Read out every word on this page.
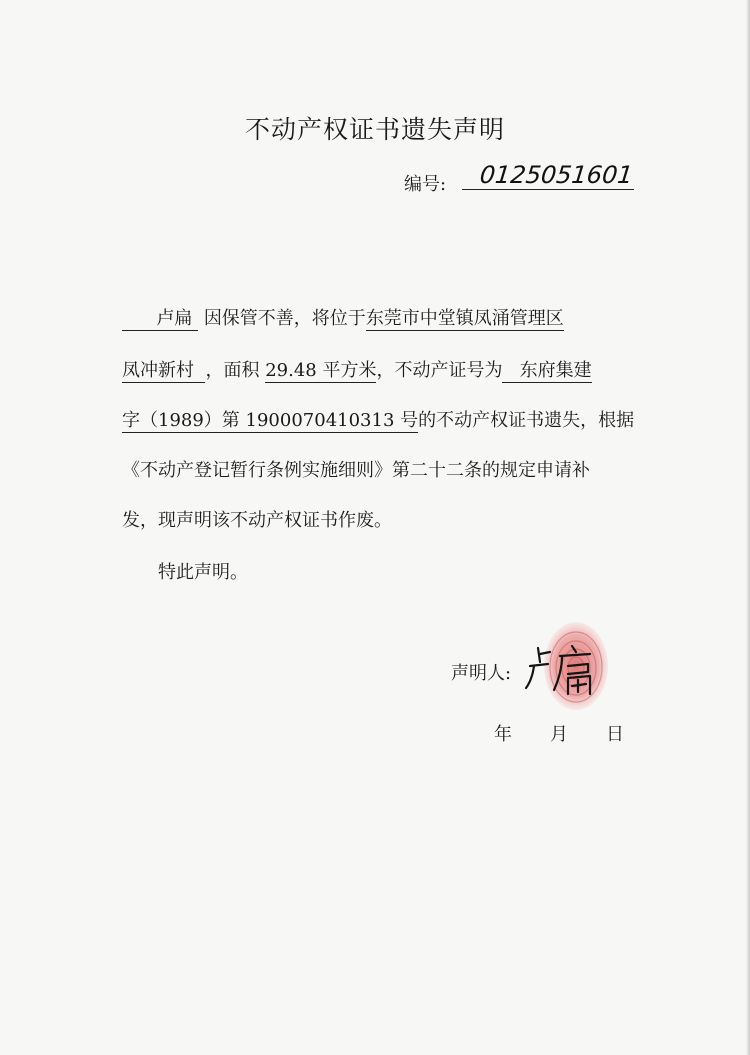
不动产权证书遗失声明
编号: 0125051601
卢扁 因保管不善，将位于东莞市中堂镇凤涌管理区
凤冲新村 ，面积 29.48 平方米，不动产证号为 东府集建
字（1989）第 1900070410313 号的不动产权证书遗失，根据
《不动产登记暂行条例实施细则》第二十二条的规定申请补
发，现声明该不动产权证书作废。
特此声明。
声明人:
年 月 日
